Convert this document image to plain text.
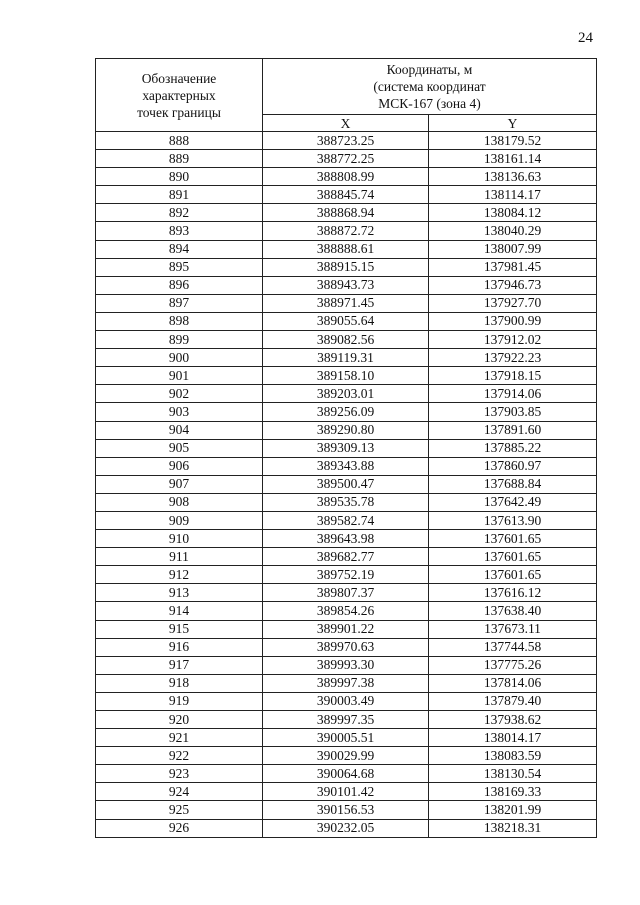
24
Обозначение
характерных
точек границы	Координаты, м
(система координат
МСК-167 (зона 4)	

	X	Y
888	388723.25	138179.52
889	388772.25	138161.14
890	388808.99	138136.63
891	388845.74	138114.17
892	388868.94	138084.12
893	388872.72	138040.29
894	388888.61	138007.99
895	388915.15	137981.45
896	388943.73	137946.73
897	388971.45	137927.70
898	389055.64	137900.99
899	389082.56	137912.02
900	389119.31	137922.23
901	389158.10	137918.15
902	389203.01	137914.06
903	389256.09	137903.85
904	389290.80	137891.60
905	389309.13	137885.22
906	389343.88	137860.97
907	389500.47	137688.84
908	389535.78	137642.49
909	389582.74	137613.90
910	389643.98	137601.65
911	389682.77	137601.65
912	389752.19	137601.65
913	389807.37	137616.12
914	389854.26	137638.40
915	389901.22	137673.11
916	389970.63	137744.58
917	389993.30	137775.26
918	389997.38	137814.06
919	390003.49	137879.40
920	389997.35	137938.62
921	390005.51	138014.17
922	390029.99	138083.59
923	390064.68	138130.54
924	390101.42	138169.33
925	390156.53	138201.99
926	390232.05	138218.31
